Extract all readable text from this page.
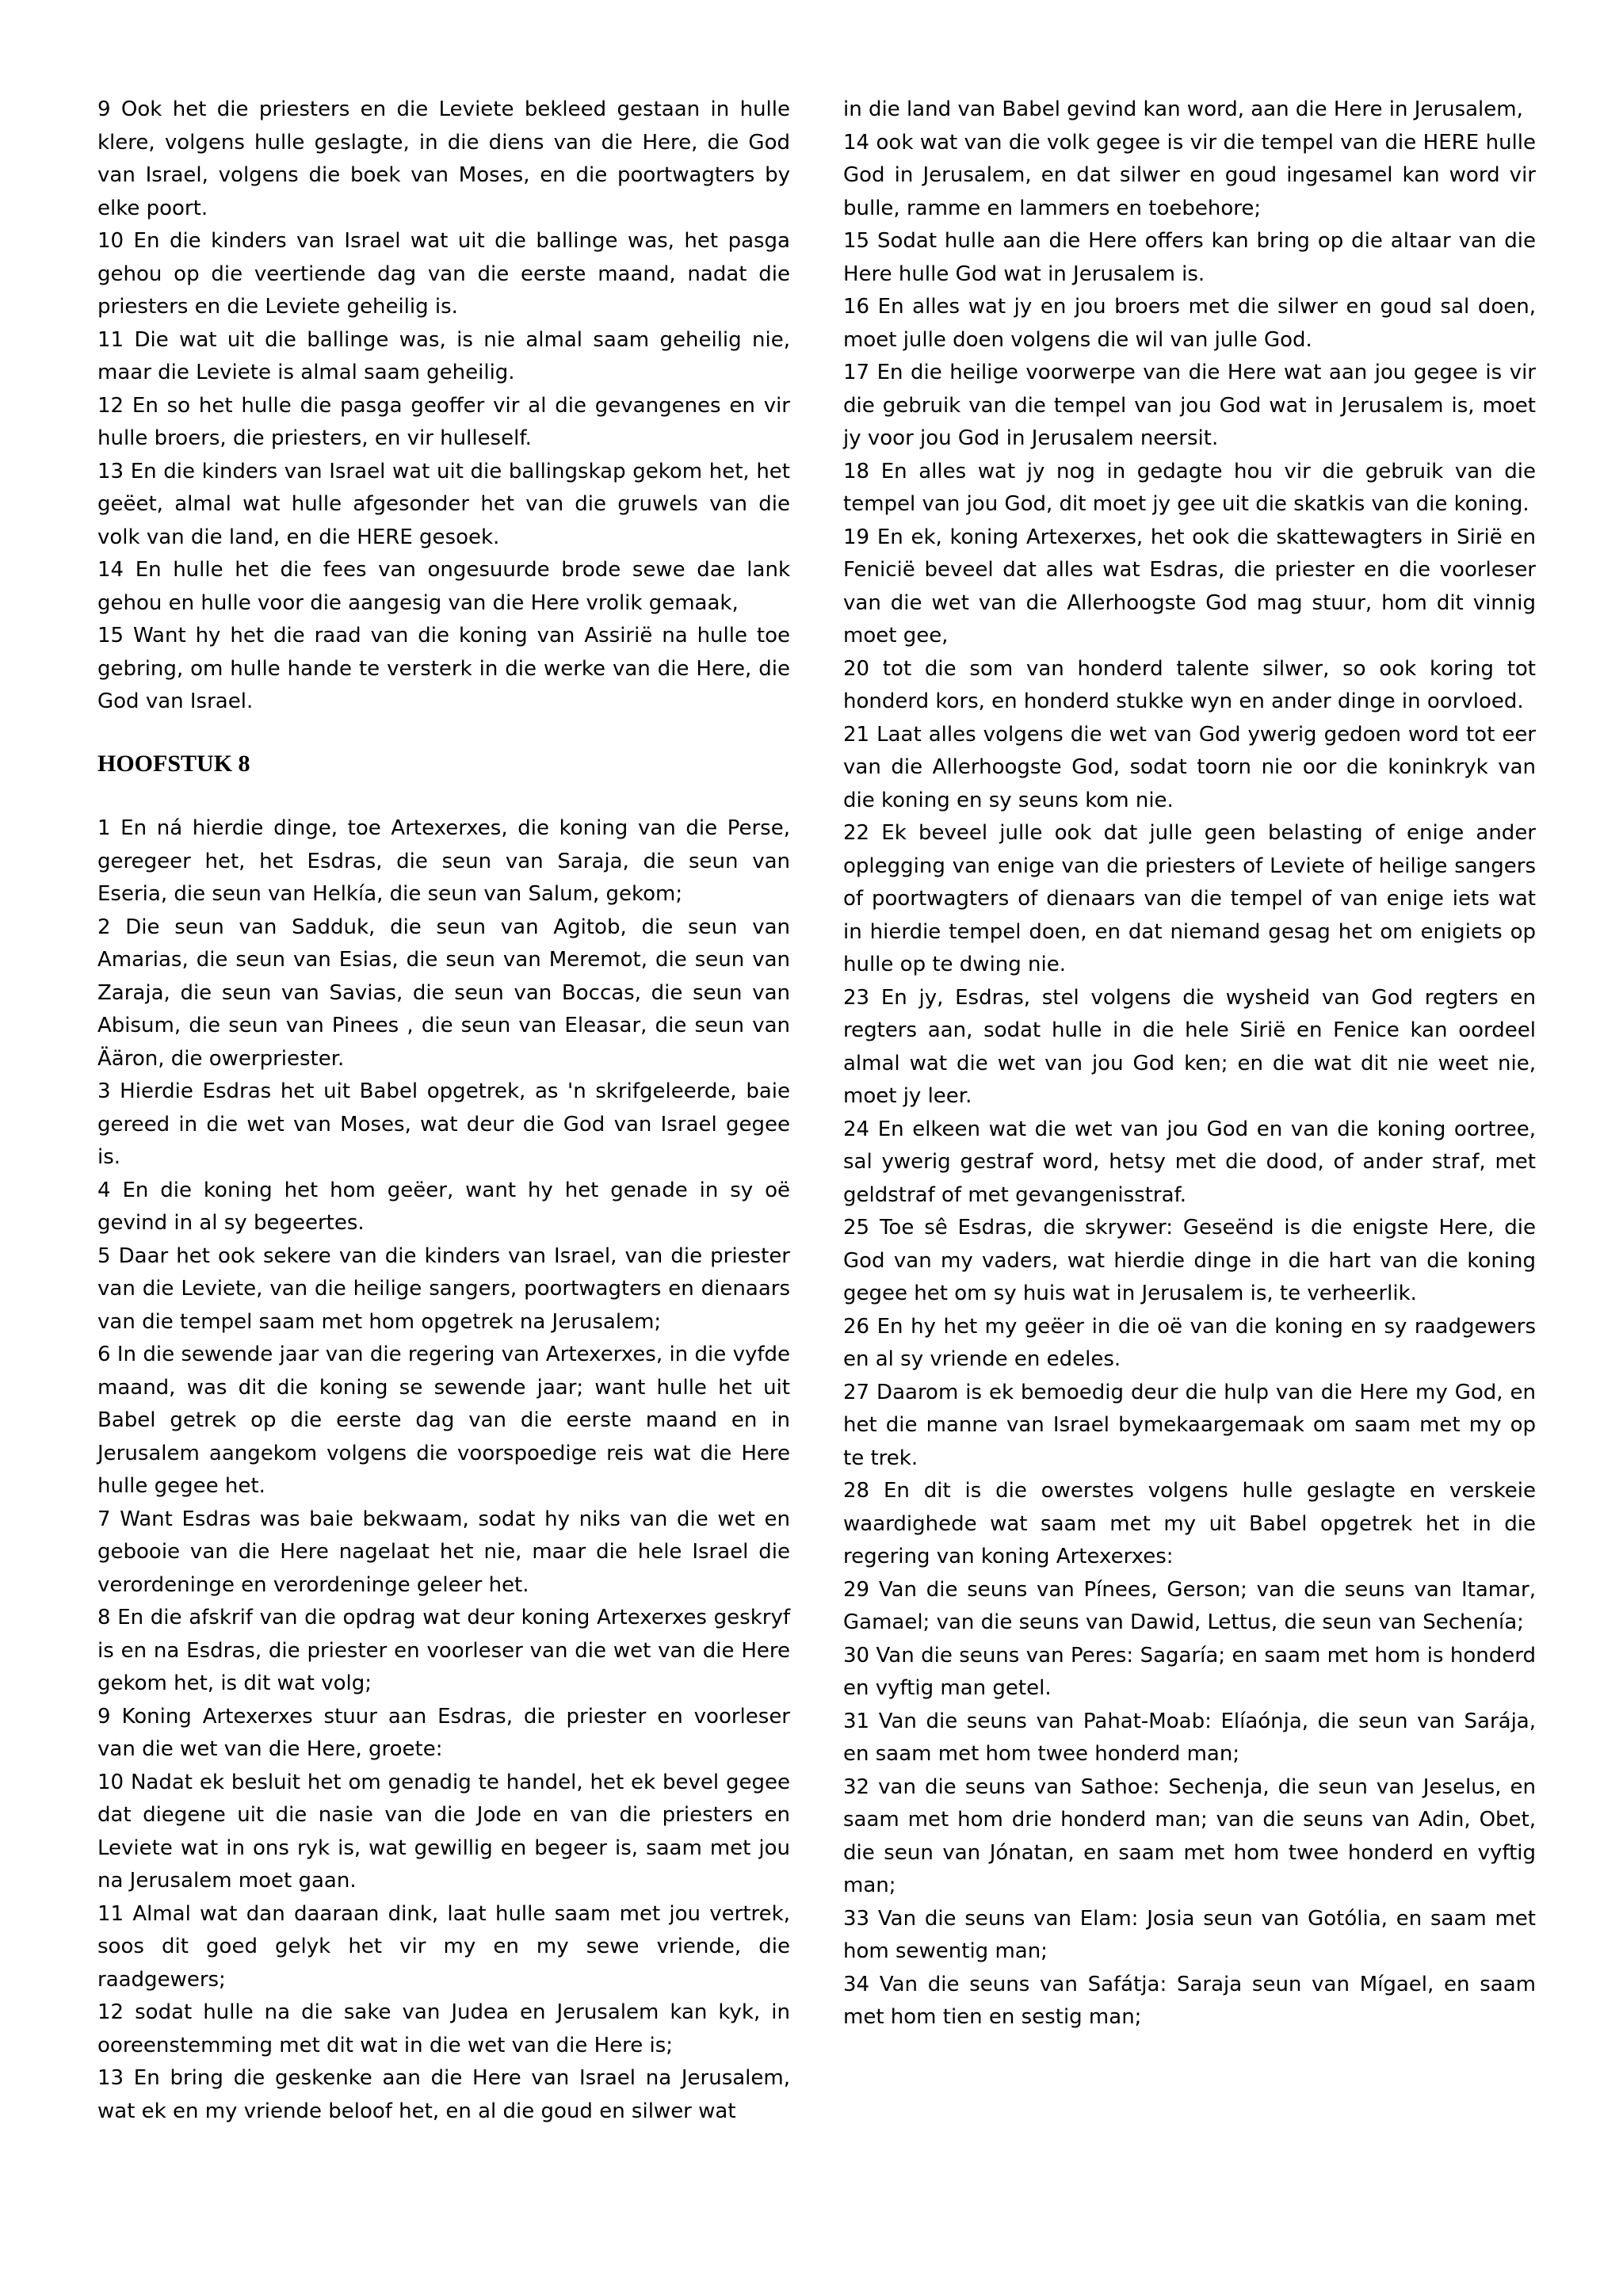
9 Ook het die priesters en die Leviete bekleed gestaan in hulle klere, volgens hulle geslagte, in die diens van die Here, die God van Israel, volgens die boek van Moses, en die poortwagters by elke poort.

10 En die kinders van Israel wat uit die ballinge was, het pasga gehou op die veertiende dag van die eerste maand, nadat die priesters en die Leviete geheilig is.

11 Die wat uit die ballinge was, is nie almal saam geheilig nie, maar die Leviete is almal saam geheilig.

12 En so het hulle die pasga geoffer vir al die gevangenes en vir hulle broers, die priesters, en vir hulleself.

13 En die kinders van Israel wat uit die ballingskap gekom het, het geëet, almal wat hulle afgesonder het van die gruwels van die volk van die land, en die HERE gesoek.

14 En hulle het die fees van ongesuurde brode sewe dae lank gehou en hulle voor die aangesig van die Here vrolik gemaak,

15 Want hy het die raad van die koning van Assirië na hulle toe gebring, om hulle hande te versterk in die werke van die Here, die God van Israel.

HOOFSTUK 8

1 En ná hierdie dinge, toe Artexerxes, die koning van die Perse, geregeer het, het Esdras, die seun van Saraja, die seun van Eseria, die seun van Helkía, die seun van Salum, gekom;

2 Die seun van Sadduk, die seun van Agitob, die seun van Amarias, die seun van Esias, die seun van Meremot, die seun van Zaraja, die seun van Savias, die seun van Boccas, die seun van Abisum, die seun van Pinees , die seun van Eleasar, die seun van Ääron, die owerpriester.

3 Hierdie Esdras het uit Babel opgetrek, as 'n skrifgeleerde, baie gereed in die wet van Moses, wat deur die God van Israel gegee is.

4 En die koning het hom geëer, want hy het genade in sy oë gevind in al sy begeertes.

5 Daar het ook sekere van die kinders van Israel, van die priester van die Leviete, van die heilige sangers, poortwagters en dienaars van die tempel saam met hom opgetrek na Jerusalem;

6 In die sewende jaar van die regering van Artexerxes, in die vyfde maand, was dit die koning se sewende jaar; want hulle het uit Babel getrek op die eerste dag van die eerste maand en in Jerusalem aangekom volgens die voorspoedige reis wat die Here hulle gegee het.

7 Want Esdras was baie bekwaam, sodat hy niks van die wet en gebooie van die Here nagelaat het nie, maar die hele Israel die verordeninge en verordeninge geleer het.

8 En die afskrif van die opdrag wat deur koning Artexerxes geskryf is en na Esdras, die priester en voorleser van die wet van die Here gekom het, is dit wat volg;

9 Koning Artexerxes stuur aan Esdras, die priester en voorleser van die wet van die Here, groete:

10 Nadat ek besluit het om genadig te handel, het ek bevel gegee dat diegene uit die nasie van die Jode en van die priesters en Leviete wat in ons ryk is, wat gewillig en begeer is, saam met jou na Jerusalem moet gaan.

11 Almal wat dan daaraan dink, laat hulle saam met jou vertrek, soos dit goed gelyk het vir my en my sewe vriende, die raadgewers;

12 sodat hulle na die sake van Judea en Jerusalem kan kyk, in ooreenstemming met dit wat in die wet van die Here is;

13 En bring die geskenke aan die Here van Israel na Jerusalem, wat ek en my vriende beloof het, en al die goud en silwer wat

in die land van Babel gevind kan word, aan die Here in Jerusalem,

14 ook wat van die volk gegee is vir die tempel van die HERE hulle God in Jerusalem, en dat silwer en goud ingesamel kan word vir bulle, ramme en lammers en toebehore;

15 Sodat hulle aan die Here offers kan bring op die altaar van die Here hulle God wat in Jerusalem is.

16 En alles wat jy en jou broers met die silwer en goud sal doen, moet julle doen volgens die wil van julle God.

17 En die heilige voorwerpe van die Here wat aan jou gegee is vir die gebruik van die tempel van jou God wat in Jerusalem is, moet jy voor jou God in Jerusalem neersit.

18 En alles wat jy nog in gedagte hou vir die gebruik van die tempel van jou God, dit moet jy gee uit die skatkis van die koning.

19 En ek, koning Artexerxes, het ook die skattewagters in Sirië en Fenicië beveel dat alles wat Esdras, die priester en die voorleser van die wet van die Allerhoogste God mag stuur, hom dit vinnig moet gee,

20 tot die som van honderd talente silwer, so ook koring tot honderd kors, en honderd stukke wyn en ander dinge in oorvloed.

21 Laat alles volgens die wet van God ywerig gedoen word tot eer van die Allerhoogste God, sodat toorn nie oor die koninkryk van die koning en sy seuns kom nie.

22 Ek beveel julle ook dat julle geen belasting of enige ander oplegging van enige van die priesters of Leviete of heilige sangers of poortwagters of dienaars van die tempel of van enige iets wat in hierdie tempel doen, en dat niemand gesag het om enigiets op hulle op te dwing nie.

23 En jy, Esdras, stel volgens die wysheid van God regters en regters aan, sodat hulle in die hele Sirië en Fenice kan oordeel almal wat die wet van jou God ken; en die wat dit nie weet nie, moet jy leer.

24 En elkeen wat die wet van jou God en van die koning oortree, sal ywerig gestraf word, hetsy met die dood, of ander straf, met geldstraf of met gevangenisstraf.

25 Toe sê Esdras, die skrywer: Geseënd is die enigste Here, die God van my vaders, wat hierdie dinge in die hart van die koning gegee het om sy huis wat in Jerusalem is, te verheerlik.

26 En hy het my geëer in die oë van die koning en sy raadgewers en al sy vriende en edeles.

27 Daarom is ek bemoedig deur die hulp van die Here my God, en het die manne van Israel bymekaargemaak om saam met my op te trek.

28 En dit is die owerstes volgens hulle geslagte en verskeie waardighede wat saam met my uit Babel opgetrek het in die regering van koning Artexerxes:

29 Van die seuns van Pínees, Gerson; van die seuns van Itamar, Gamael; van die seuns van Dawid, Lettus, die seun van Sechenía;

30 Van die seuns van Peres: Sagaría; en saam met hom is honderd en vyftig man getel.

31 Van die seuns van Pahat-Moab: Elíaónja, die seun van Sarája, en saam met hom twee honderd man;

32 van die seuns van Sathoe: Sechenja, die seun van Jeselus, en saam met hom drie honderd man; van die seuns van Adin, Obet, die seun van Jónatan, en saam met hom twee honderd en vyftig man;

33 Van die seuns van Elam: Josia seun van Gotólia, en saam met hom sewentig man;

34 Van die seuns van Safátja: Saraja seun van Mígael, en saam met hom tien en sestig man;
